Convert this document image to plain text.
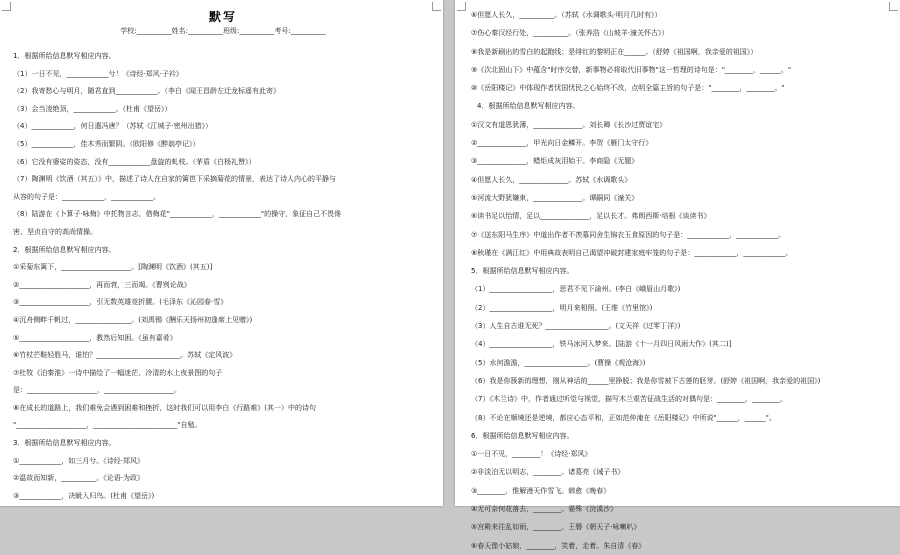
默写
学校:__________姓名:__________班级:__________考号:__________
1．根据所给信息默写相应内容。
（1）一日不见，____________兮！《诗经·郑风·子衿》
（2）我寄愁心与明月，随君直到____________。（李白《闻王昌龄左迁龙标遥有此寄》
（3）会当凌绝顶，____________。（杜甫《望岳》）
（4）____________，何日遣冯唐？（苏轼《江城子·密州出猎》）
（5）____________，佳木秀而繁阴。（欧阳修《醉翁亭记》）
（6）它没有婆娑的姿态，没有____________盘旋的虬枝。（茅盾《白杨礼赞》）
（7）陶渊明《饮酒（其五）》中，描述了诗人在自家的篱笆下采摘菊花的情景，表达了诗人内心的平静与
从容的句子是：____________，____________。
（8）陆游在《卜算子·咏梅》中托物言志，借梅花"____________，____________"的操守，象征自己不畏谗
害、坚贞自守的高尚情操。
2．根据所给信息默写相应内容。
①采菊东篱下，____________________。[陶渊明《饮酒》(其五)]
②____________________，再而衰，三而竭。《曹刿论战》
③____________________，引无数英雄竞折腰。(毛泽东《沁园春·雪》
④沉舟侧畔千帆过，________________。(刘禹锡《酬乐天扬州初逢席上见赠》)
⑤____________________，教然后知困。《虽有嘉肴》
⑥竹杖芒鞋轻胜马，谁怕？________________________。苏轼《定风波》
⑦杜牧《泊秦淮》一诗中描绘了一幅迷茫、冷清的水上夜景图的句子
是：____________________，____________________。
⑧在成长的道路上，我们难免会遇到困难和挫折，这时我们可以用李白《行路难》(其一）中的诗句
"____________________，________________________"自勉。
3．根据所给信息默写相应内容。
①____________，如三月兮。《诗经·郑风》
②温故而知新，__________。《论语·为政》
③____________，决眦入归鸟。(杜甫《望岳》)
⑥但愿人长久，__________。（苏轼《水调歌头·明月几时有》）
⑦伤心秦汉经行处，__________。（张养浩《山坡羊·潼关怀古》）
⑧我是新刷出的雪白的起跑线；是绯红的黎明正在______。（舒婷《祖国啊，我亲爱的祖国》）
⑨《次北固山下》中蕴含"时序交替，新事物必将取代旧事物"这一哲理的诗句是："________，______。"
⑩《岳阳楼记》中体现作者忧国忧民之心始终不改，点明全篇主旨的句子是："________，________。"
4．根据所给信息默写相应内容。
①汉文有道恩犹薄，______________。刘长卿《长沙过贾谊宅》
②______________，甲光向日金鳞开。李贺《雁门太守行》
③______________，蜡炬成灰泪始干。李商隐《无题》
④但愿人长久，______________。苏轼《水调歌头》
⑤河流大野犹嫌束，______________。谭嗣同《潼关》
⑥读书足以怡情，足以______________，足以长才。弗朗西斯·培根《谈读书》
⑦《送东阳马生序》中道出作者不羡慕同舍生锦衣玉食原因的句子是：____________，____________。
⑧秋瑾在《满江红》中用典故表明自己渴望冲破封建家庭牢笼的句子是：____________，____________。
5．根据所给信息默写相应内容。
（1）__________________，思君不见下渝州。(李白《峨眉山月歌》)
（2）__________________，明月来相照。(王维《竹里馆》)
（3）人生自古谁无死？__________________。(文天祥《过零丁洋》)
（4）__________________，铁马冰河入梦来。[陆游《十一月四日风雨大作》(其二)]
（5）水何澹澹，__________________。(曹操《观沧海》)
（6）我是你簇新的理想，刚从神话的______里挣脱；我是你雪被下古莲的胚芽。(舒婷《祖国啊，我亲爱的祖国》)
（7）《木兰诗》中，作者通过听觉与视觉，描写木兰艰苦征战生活的对偶句是：________，________。
（8）不论在顺境还是逆境，都应心态平和，正如范仲淹在《岳阳楼记》中所说"______，______"。
6．根据所给信息默写相应内容。
①一日不见，________！《诗经·郑风》
②非淡泊无以明志，________。诸葛亮《诫子书》
③________，惟解漫天作雪飞。韩愈《晚春》
④无可奈何花落去，________。晏殊《浣溪沙》
⑤宫殿来往乱如雨，________。王磐《朝天子·咏喇叭》
⑥春天像小姑娘，________，笑着，走着。朱自清《春》
